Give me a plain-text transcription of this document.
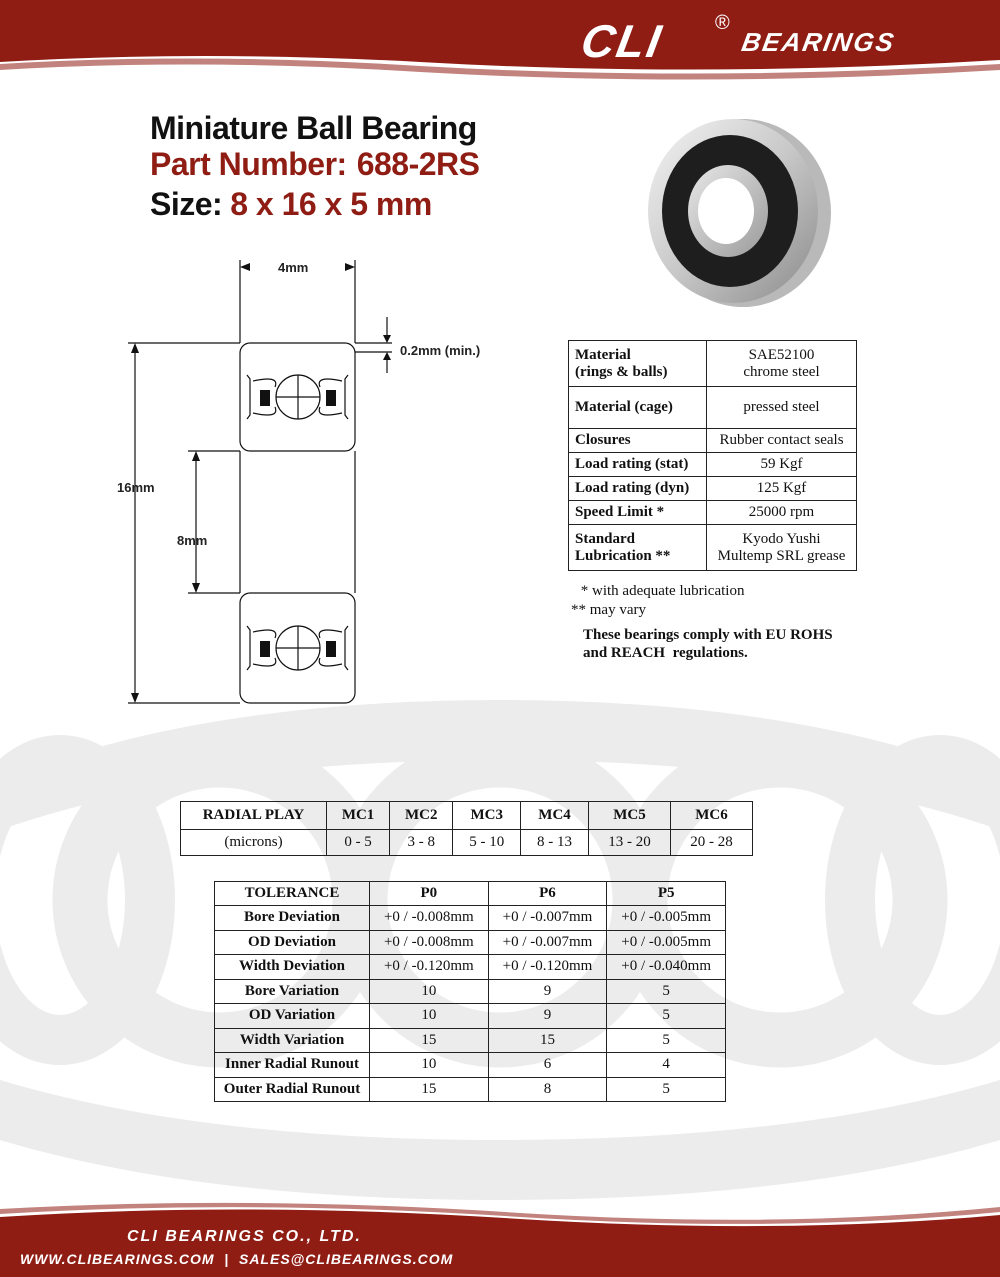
CLI ®
BEARINGS
Miniature Ball Bearing
Part Number: 688-2RS
Size: 8 x 16 x 5 mm
4mm
0.2mm (min.)
16mm
8mm
Material
(rings & balls)	SAE52100
chrome steel
Material (cage)	pressed steel
Closures	Rubber contact seals
Load rating (stat)	59 Kgf
Load rating (dyn)	125 Kgf
Speed Limit *	25000 rpm
Standard
Lubrication **	Kyodo Yushi
Multemp SRL grease
* with adequate lubrication
** may vary
These bearings comply with EU ROHS
and REACH  regulations.
RADIAL PLAY	MC1	MC2	MC3	MC4	MC5	MC6
(microns)	0 - 5	3 - 8	5 - 10	8 - 13	13 - 20	20 - 28
TOLERANCE	P0	P6	P5
Bore Deviation	+0 / -0.008mm	+0 / -0.007mm	+0 / -0.005mm
OD Deviation	+0 / -0.008mm	+0 / -0.007mm	+0 / -0.005mm
Width Deviation	+0 / -0.120mm	+0 / -0.120mm	+0 / -0.040mm
Bore Variation	10	9	5
OD Variation	10	9	5
Width Variation	15	15	5
Inner Radial Runout	10	6	4
Outer Radial Runout	15	8	5
CLI BEARINGS CO., LTD.
WWW.CLIBEARINGS.COM | SALES@CLIBEARINGS.COM
